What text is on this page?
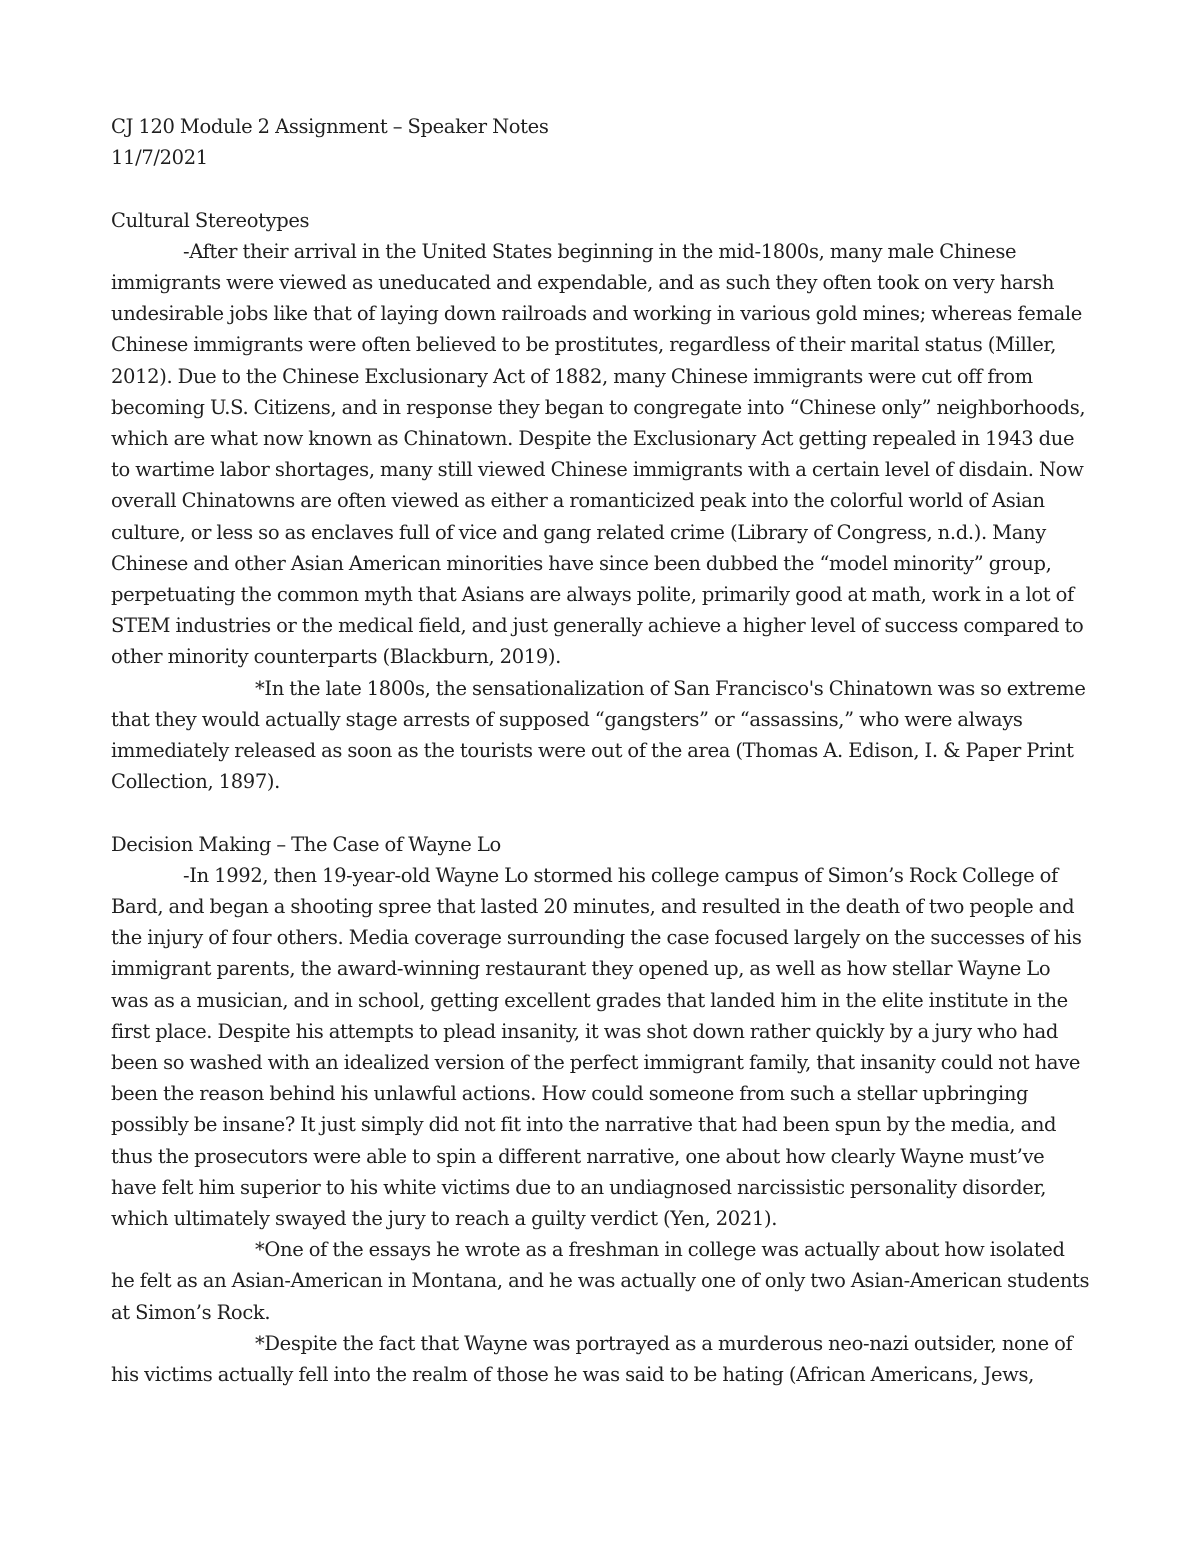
CJ 120 Module 2 Assignment – Speaker Notes

11/7/2021

Cultural Stereotypes

-After their arrival in the United States beginning in the mid-1800s, many male Chinese immigrants were viewed as uneducated and expendable, and as such they often took on very harsh undesirable jobs like that of laying down railroads and working in various gold mines; whereas female Chinese immigrants were often believed to be prostitutes, regardless of their marital status (Miller, 2012). Due to the Chinese Exclusionary Act of 1882, many Chinese immigrants were cut off from becoming U.S. Citizens, and in response they began to congregate into “Chinese only” neighborhoods, which are what now known as Chinatown. Despite the Exclusionary Act getting repealed in 1943 due to wartime labor shortages, many still viewed Chinese immigrants with a certain level of disdain. Now overall Chinatowns are often viewed as either a romanticized peak into the colorful world of Asian culture, or less so as enclaves full of vice and gang related crime (Library of Congress, n.d.). Many Chinese and other Asian American minorities have since been dubbed the “model minority” group, perpetuating the common myth that Asians are always polite, primarily good at math, work in a lot of STEM industries or the medical field, and just generally achieve a higher level of success compared to other minority counterparts (Blackburn, 2019).

*In the late 1800s, the sensationalization of San Francisco's Chinatown was so extreme that they would actually stage arrests of supposed “gangsters” or “assassins,” who were always immediately released as soon as the tourists were out of the area (Thomas A. Edison, I. & Paper Print Collection, 1897).

Decision Making – The Case of Wayne Lo

-In 1992, then 19-year-old Wayne Lo stormed his college campus of Simon’s Rock College of Bard, and began a shooting spree that lasted 20 minutes, and resulted in the death of two people and the injury of four others. Media coverage surrounding the case focused largely on the successes of his immigrant parents, the award-winning restaurant they opened up, as well as how stellar Wayne Lo was as a musician, and in school, getting excellent grades that landed him in the elite institute in the first place. Despite his attempts to plead insanity, it was shot down rather quickly by a jury who had been so washed with an idealized version of the perfect immigrant family, that insanity could not have been the reason behind his unlawful actions. How could someone from such a stellar upbringing possibly be insane? It just simply did not fit into the narrative that had been spun by the media, and thus the prosecutors were able to spin a different narrative, one about how clearly Wayne must’ve have felt him superior to his white victims due to an undiagnosed narcissistic personality disorder, which ultimately swayed the jury to reach a guilty verdict (Yen, 2021).

*One of the essays he wrote as a freshman in college was actually about how isolated he felt as an Asian-American in Montana, and he was actually one of only two Asian-American students at Simon’s Rock.

*Despite the fact that Wayne was portrayed as a murderous neo-nazi outsider, none of his victims actually fell into the realm of those he was said to be hating (African Americans, Jews,
